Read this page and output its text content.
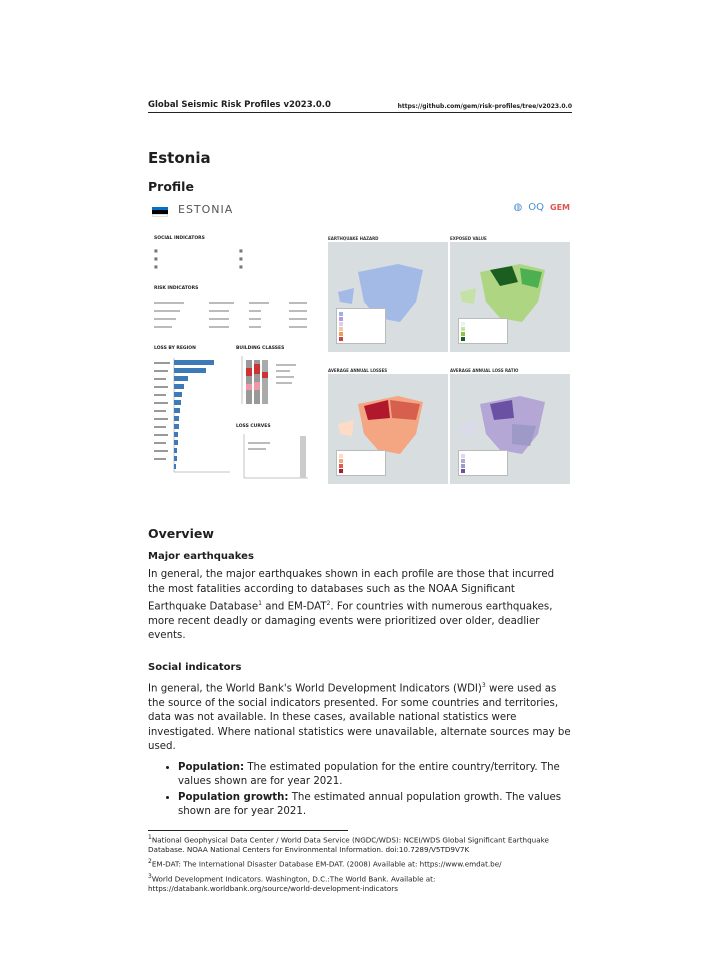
Global Seismic Risk Profiles v2023.0.0	https://github.com/gem/risk-profiles/tree/v2023.0.0
Estonia
Profile
ESTONIA	◍ OQ GEM
SOCIAL INDICATORS
■
■
■
■
■
■
RISK INDICATORS
LOSS BY REGION	BUILDING CLASSES
LOSS CURVES
EARTHQUAKE HAZARD	EXPOSED VALUE
AVERAGE ANNUAL LOSSES	AVERAGE ANNUAL LOSS RATIO
Overview
Major earthquakes

In general, the major earthquakes shown in each profile are those that incurred the most fatalities according to databases such as the NOAA Significant Earthquake Database$^1$ and EM-DAT$^2$. For countries with numerous earthquakes, more recent deadly or damaging events were prioritized over older, deadlier events.

Social indicators

In general, the World Bank's World Development Indicators (WDI)$^3$ were used as the source of the social indicators presented. For some countries and territories, data was not available. In these cases, available national statistics were investigated. Where national statistics were unavailable, alternate sources may be used.

• Population: The estimated population for the entire country/territory. The values shown are for year 2021.
• Population growth: The estimated annual population growth. The values shown are for year 2021.
$^1$National Geophysical Data Center / World Data Service (NGDC/WDS): NCEI/WDS Global Significant Earthquake Database. NOAA National Centers for Environmental Information. doi:10.7289/V5TD9V7K
$^2$EM-DAT: The International Disaster Database EM-DAT. (2008) Available at: https://www.emdat.be/
$^3$World Development Indicators. Washington, D.C.:The World Bank. Available at: https://databank.worldbank.org/source/world-development-indicators
